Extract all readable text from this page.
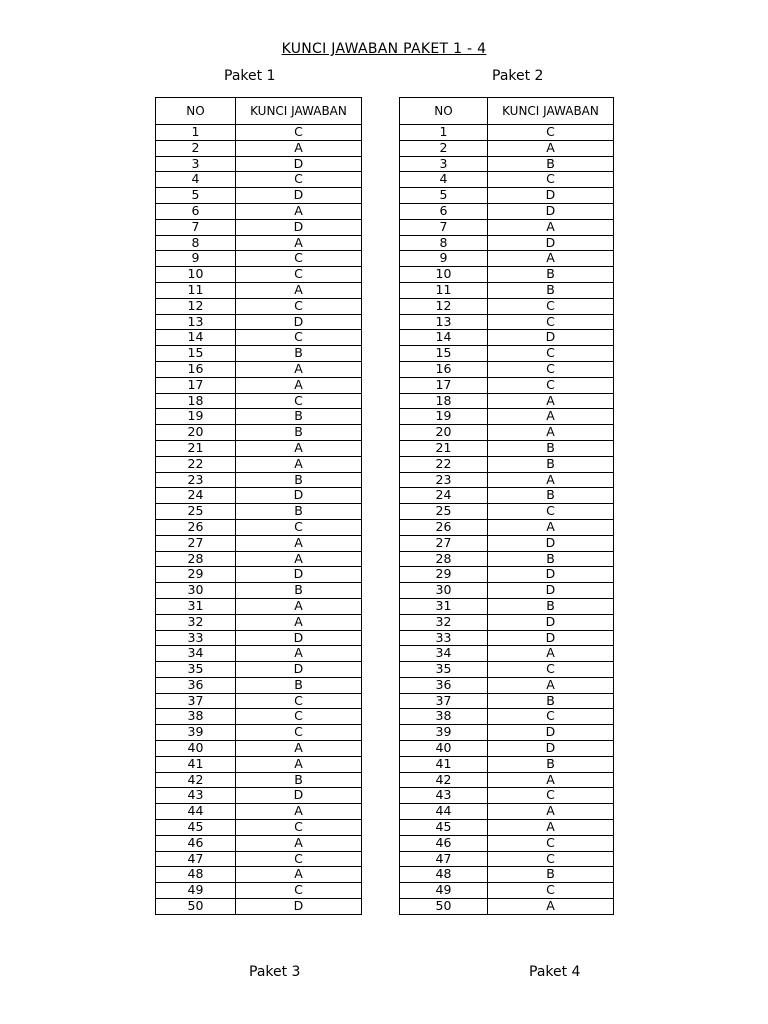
KUNCI JAWABAN PAKET 1 - 4
Paket 1	Paket 2
NO	KUNCI JAWABAN
1	C
2	A
3	D
4	C
5	D
6	A
7	D
8	A
9	C
10	C
11	A
12	C
13	D
14	C
15	B
16	A
17	A
18	C
19	B
20	B
21	A
22	A
23	B
24	D
25	B
26	C
27	A
28	A
29	D
30	B
31	A
32	A
33	D
34	A
35	D
36	B
37	C
38	C
39	C
40	A
41	A
42	B
43	D
44	A
45	C
46	A
47	C
48	A
49	C
50	D
NO	KUNCI JAWABAN
1	C
2	A
3	B
4	C
5	D
6	D
7	A
8	D
9	A
10	B
11	B
12	C
13	C
14	D
15	C
16	C
17	C
18	A
19	A
20	A
21	B
22	B
23	A
24	B
25	C
26	A
27	D
28	B
29	D
30	D
31	B
32	D
33	D
34	A
35	C
36	A
37	B
38	C
39	D
40	D
41	B
42	A
43	C
44	A
45	A
46	C
47	C
48	B
49	C
50	A
Paket 3	Paket 4
